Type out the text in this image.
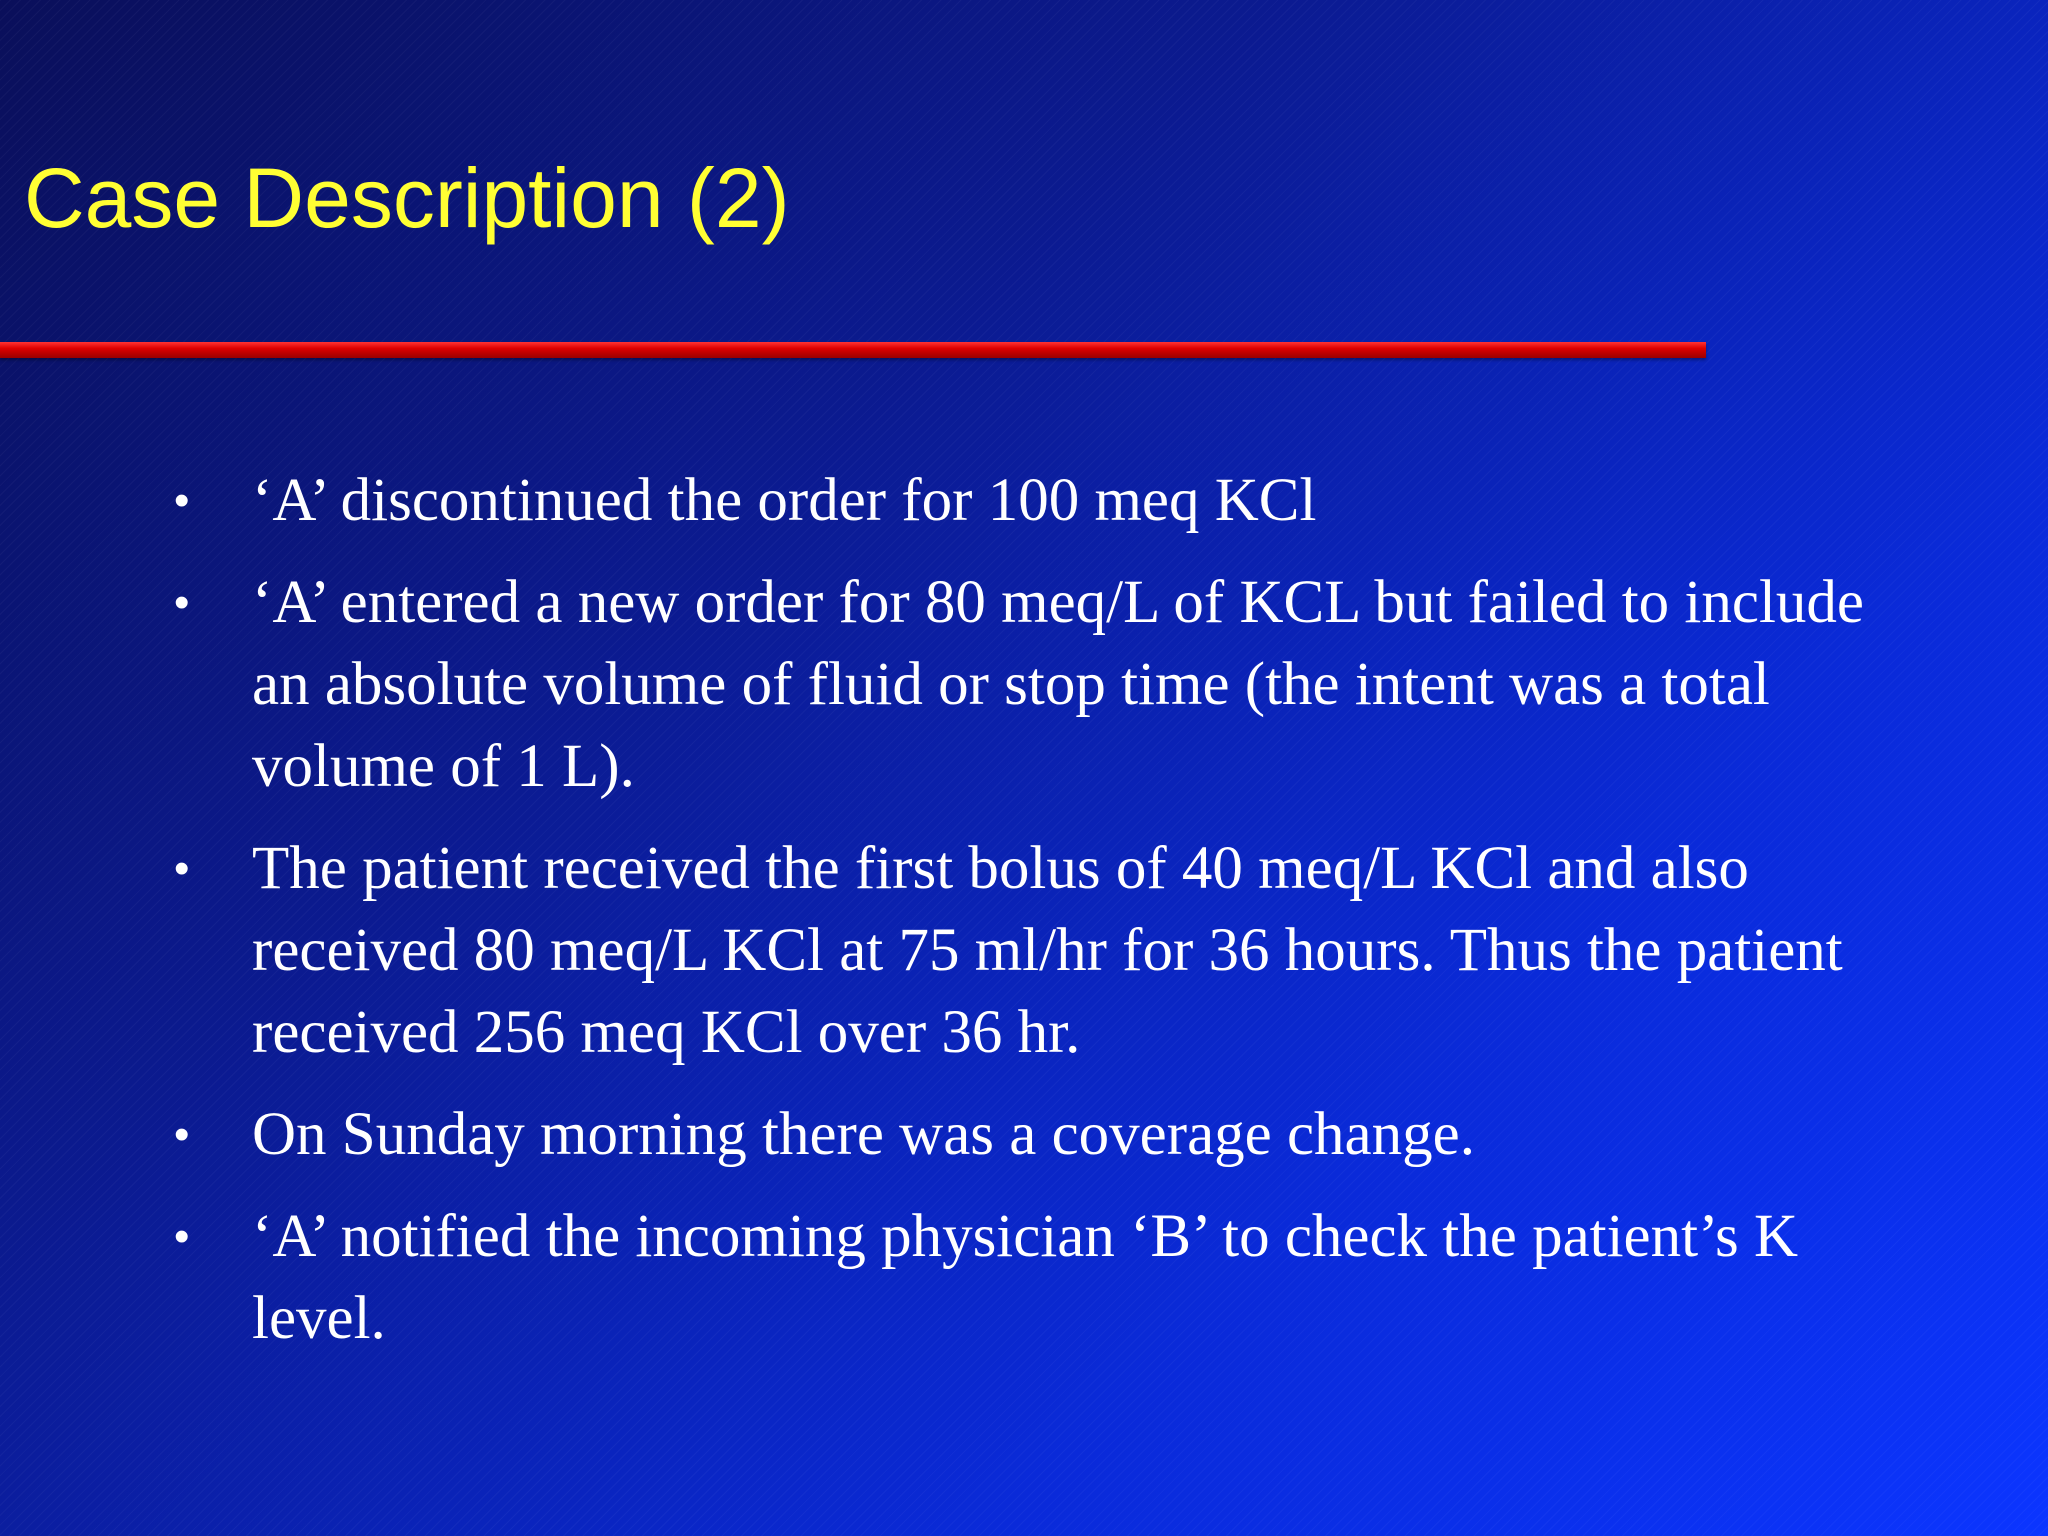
Case Description (2)
• ‘A’ discontinued the order for 100 meq KCl
• ‘A’ entered a new order for 80 meq/L of KCL but failed to include an absolute volume of fluid or stop time (the intent was a total volume of 1 L).
• The patient received the first bolus of 40 meq/L KCl and also received 80 meq/L KCl at 75 ml/hr for 36 hours. Thus the patient received 256 meq KCl over 36 hr.
• On Sunday morning there was a coverage change.
• ‘A’ notified the incoming physician ‘B’ to check the patient’s K level.
